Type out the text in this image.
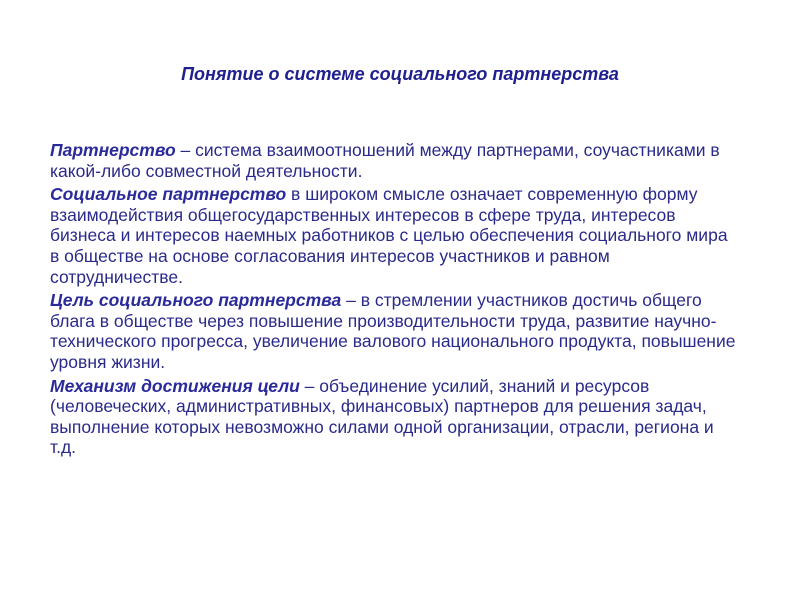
Понятие о системе социального партнерства

Партнерство – система взаимоотношений между партнерами, соучастниками в какой-либо совместной деятельности.

Социальное партнерство в широком смысле означает современную форму взаимодействия общегосударственных интересов в сфере труда, интересов бизнеса и интересов наемных работников с целью обеспечения социального мира в обществе на основе согласования интересов участников и равном сотрудничестве.

Цель социального партнерства – в стремлении участников достичь общего блага в обществе через повышение производительности труда, развитие научно-технического прогресса, увеличение валового национального продукта, повышение уровня жизни.

Механизм достижения цели – объединение усилий, знаний и ресурсов (человеческих, административных, финансовых) партнеров для решения задач, выполнение которых невозможно силами одной организации, отрасли, региона и т.д.
